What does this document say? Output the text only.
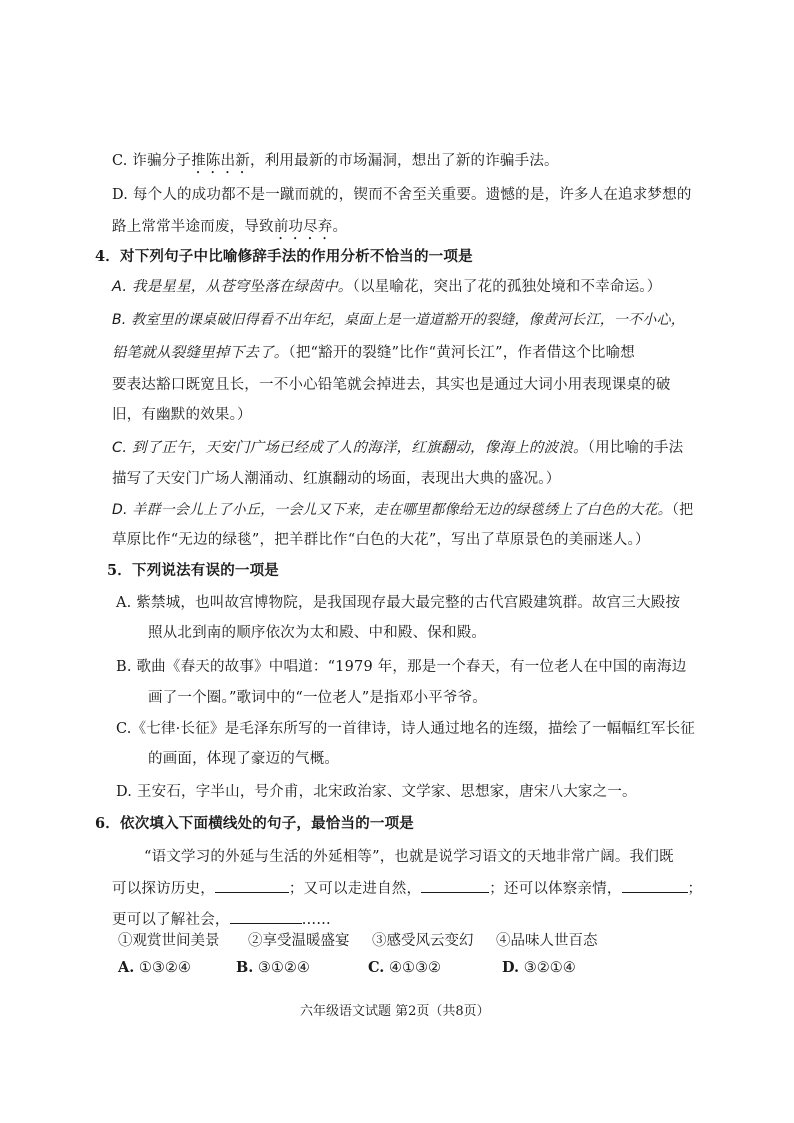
C. 诈骗分子推陈出新，利用最新的市场漏洞，想出了新的诈骗手法。
D. 每个人的成功都不是一蹴而就的，锲而不舍至关重要。遗憾的是，许多人在追求梦想的
路上常常半途而废，导致前功尽弃。
4．对下列句子中比喻修辞手法的作用分析不恰当的一项是
A. 我是星星，从苍穹坠落在绿茵中。（以星喻花，突出了花的孤独处境和不幸命运。）
B. 教室里的课桌破旧得看不出年纪，桌面上是一道道豁开的裂缝，像黄河长江，一不小心，
铅笔就从裂缝里掉下去了。（把“豁开的裂缝”比作“黄河长江”，作者借这个比喻想
要表达豁口既宽且长，一不小心铅笔就会掉进去，其实也是通过大词小用表现课桌的破
旧，有幽默的效果。）
C. 到了正午，天安门广场已经成了人的海洋，红旗翻动，像海上的波浪。（用比喻的手法
描写了天安门广场人潮涌动、红旗翻动的场面，表现出大典的盛况。）
D. 羊群一会儿上了小丘，一会儿又下来，走在哪里都像给无边的绿毯绣上了白色的大花。（把
草原比作“无边的绿毯”，把羊群比作“白色的大花”，写出了草原景色的美丽迷人。）
5．下列说法有误的一项是
A. 紫禁城，也叫故宫博物院，是我国现存最大最完整的古代宫殿建筑群。故宫三大殿按
照从北到南的顺序依次为太和殿、中和殿、保和殿。
B. 歌曲《春天的故事》中唱道：“1979 年，那是一个春天，有一位老人在中国的南海边
画了一个圈。”歌词中的“一位老人”是指邓小平爷爷。
C.《七律·长征》是毛泽东所写的一首律诗，诗人通过地名的连缀，描绘了一幅幅红军长征
的画面，体现了豪迈的气概。
D. 王安石，字半山，号介甫，北宋政治家、文学家、思想家，唐宋八大家之一。
6．依次填入下面横线处的句子，最恰当的一项是
“语文学习的外延与生活的外延相等”，也就是说学习语文的天地非常广阔。我们既
可以探访历史，	；又可以走进自然，	；还可以体察亲情，	；
更可以了解社会，	……
①观赏世间美景 ②享受温暖盛宴 ③感受风云变幻 ④品味人世百态
A. ①③②④	B. ③①②④	C. ④①③②	D. ③②①④
六年级语文试题 第2页（共8页）
